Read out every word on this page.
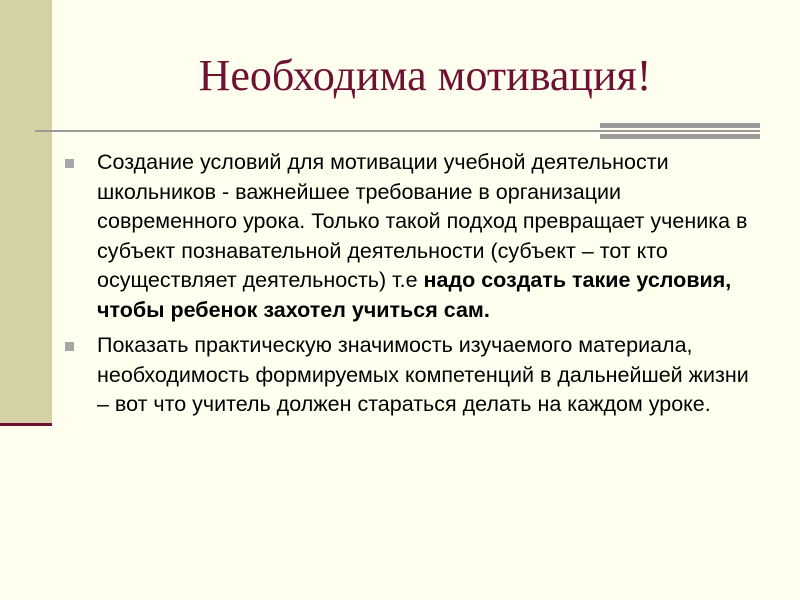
Необходима мотивация!

Создание условий для мотивации учебной деятельности школьников - важнейшее требование в организации современного урока. Только такой подход превращает ученика в субъект познавательной деятельности (субъект – тот кто осуществляет деятельность) т.е надо создать такие условия, чтобы ребенок захотел учиться сам.

Показать практическую значимость изучаемого материала, необходимость формируемых компетенций в дальнейшей жизни – вот что учитель должен стараться делать на каждом уроке.
